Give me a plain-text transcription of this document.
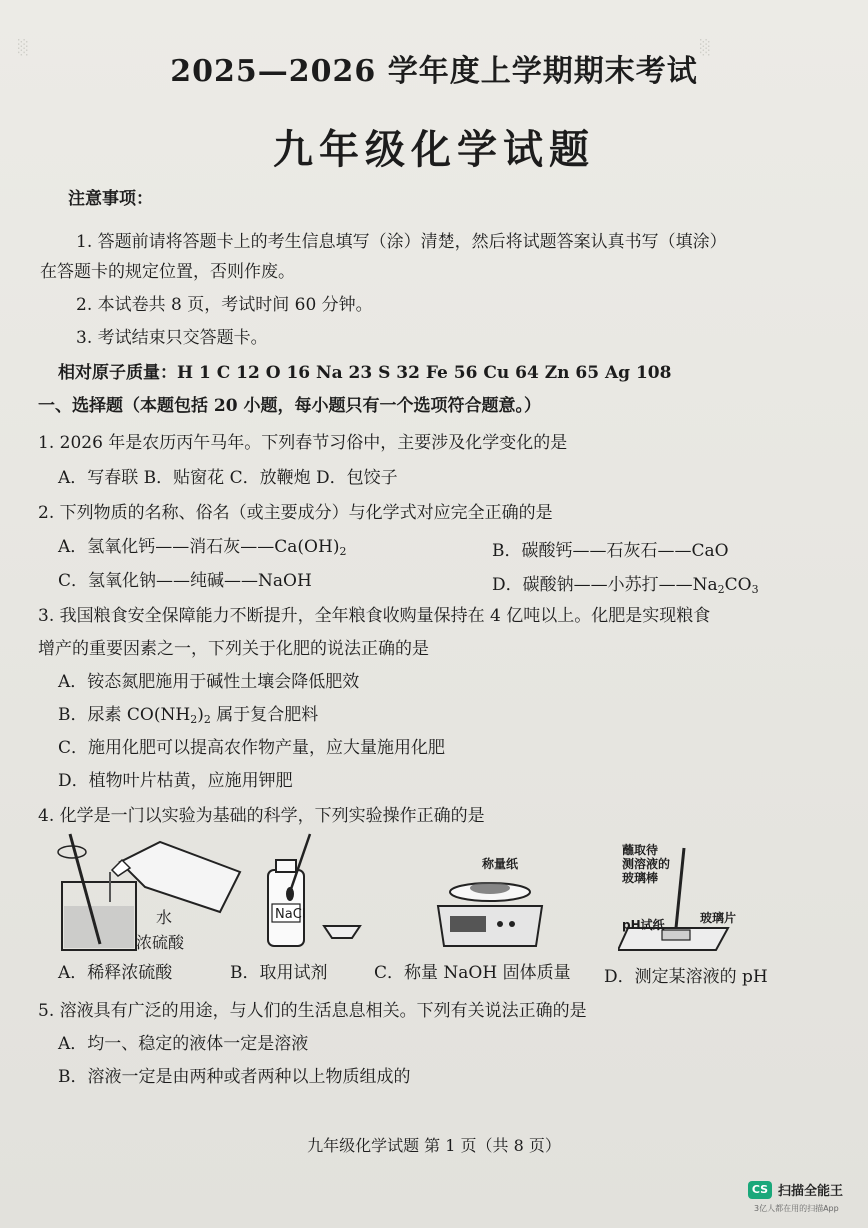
░	░
2025—2026 学年度上学期期末考试
九年级化学试题
注意事项：
1. 答题前请将答题卡上的考生信息填写（涂）清楚，然后将试题答案认真书写（填涂）
在答题卡的规定位置，否则作废。
2. 本试卷共 8 页，考试时间 60 分钟。
3. 考试结束只交答题卡。
相对原子质量：H 1 C 12 O 16 Na 23 S 32 Fe 56 Cu 64 Zn 65 Ag 108
一、选择题（本题包括 20 小题，每小题只有一个选项符合题意。）
1. 2026 年是农历丙午马年。下列春节习俗中，主要涉及化学变化的是
A．写春联 B．贴窗花 C．放鞭炮 D．包饺子
2. 下列物质的名称、俗名（或主要成分）与化学式对应完全正确的是
A．氢氧化钙——消石灰$——Ca(OH)_2$	B．碳酸钙——石灰石——CaO
C．氢氧化钠——纯碱——NaOH	D．碳酸钠——小苏打$——Na_2CO_3$
3. 我国粮食安全保障能力不断提升，全年粮食收购量保持在 4 亿吨以上。化肥是实现粮食
增产的重要因素之一，下列关于化肥的说法正确的是
A．铵态氮肥施用于碱性土壤会降低肥效
B．尿素 $CO(NH_2)_2$ 属于复合肥料
C．施用化肥可以提高农作物产量，应大量施用化肥
D．植物叶片枯黄，应施用钾肥
4. 化学是一门以实验为基础的科学，下列实验操作正确的是
水
浓硫酸
NaCl
称量纸
蘸取待
测溶液的
玻璃棒
pH试纸	玻璃片
A．稀释浓硫酸	B．取用试剂	C．称量 NaOH 固体质量 D．测定某溶液的 pH
5. 溶液具有广泛的用途，与人们的生活息息相关。下列有关说法正确的是
A．均一、稳定的液体一定是溶液
B．溶液一定是由两种或者两种以上物质组成的
九年级化学试题 第 1 页（共 8 页）
CS 扫描全能王
3亿人都在用的扫描App
